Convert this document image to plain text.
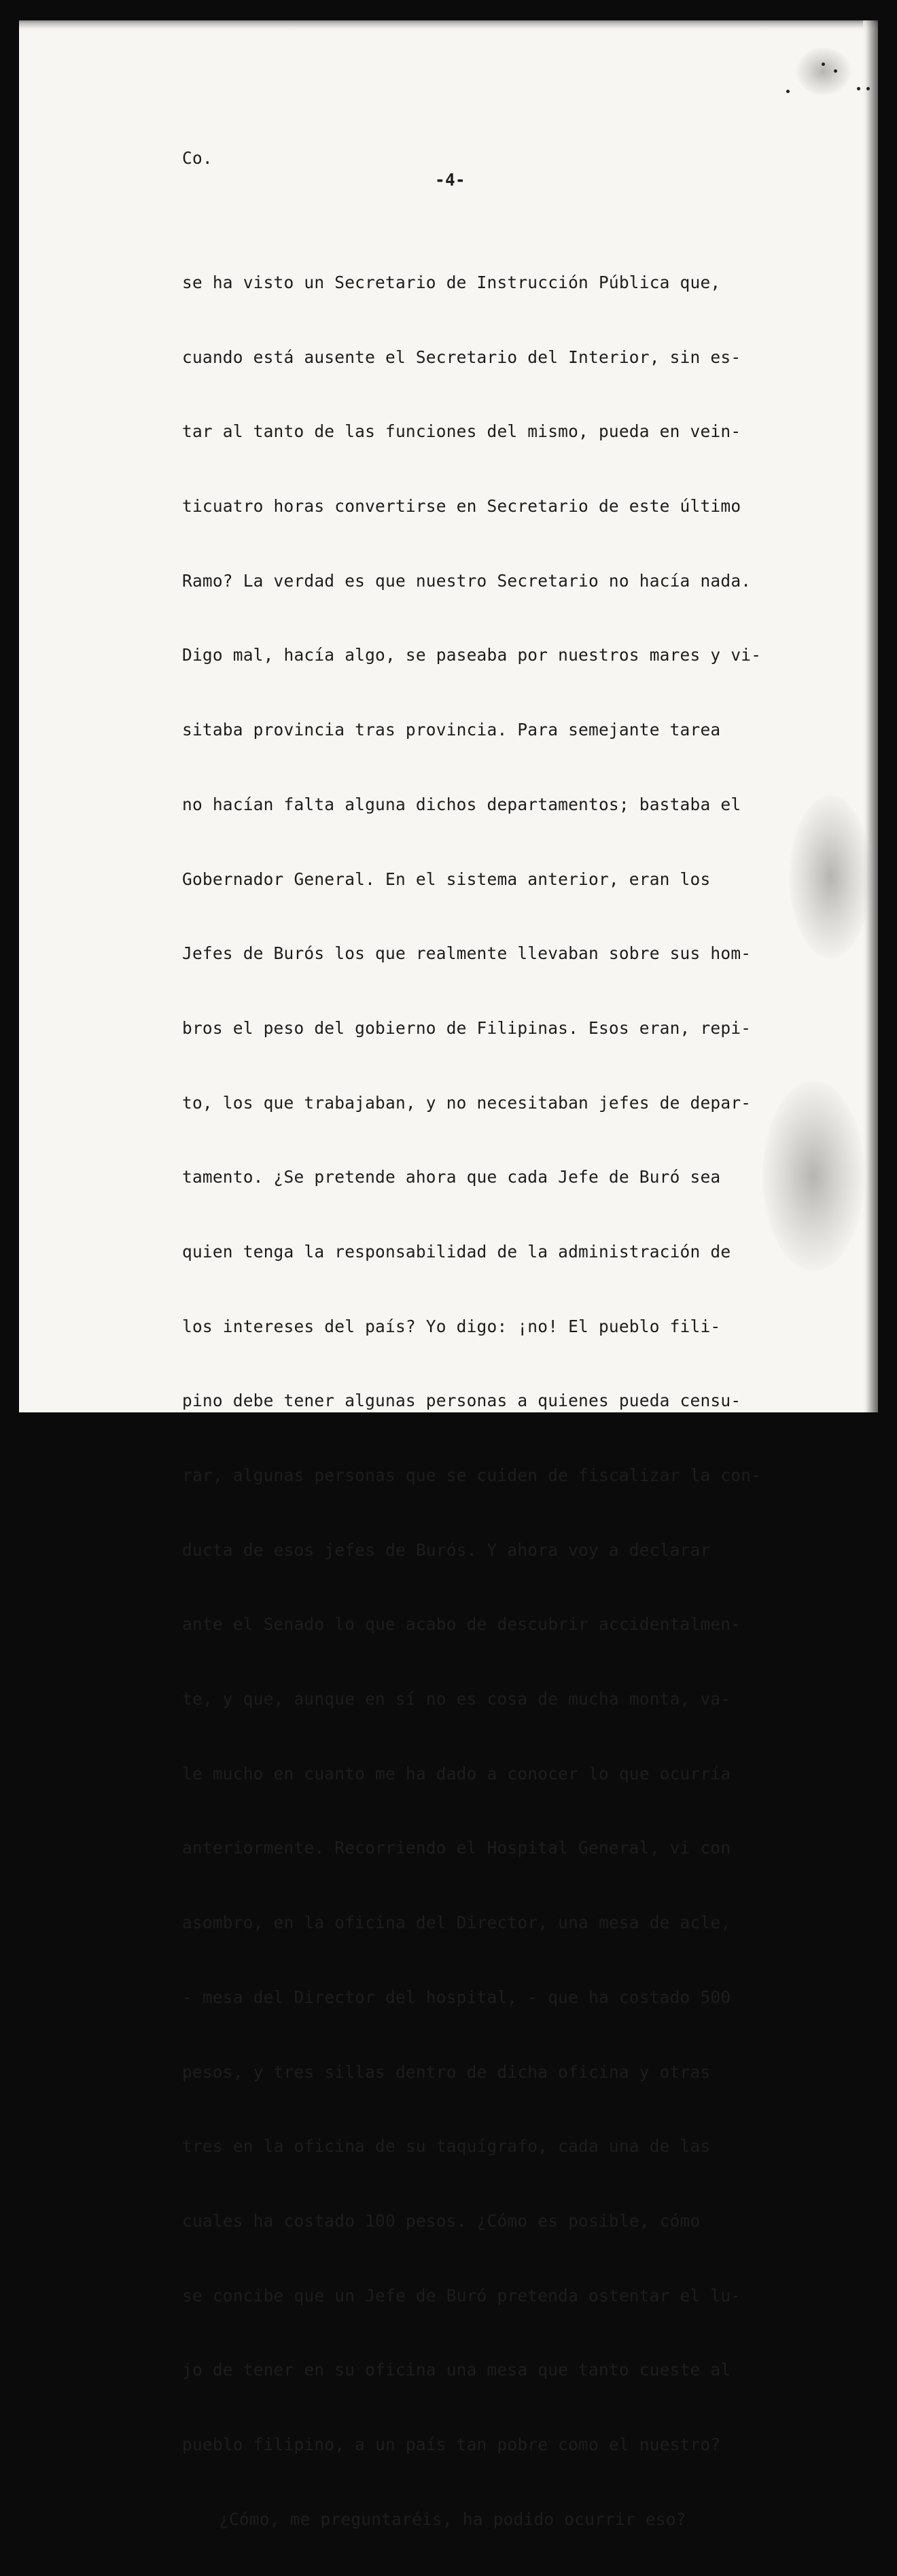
Co.
-4-

se ha visto un Secretario de Instrucción Pública que,

cuando está ausente el Secretario del Interior, sin es-

tar al tanto de las funciones del mismo, pueda en vein-

ticuatro horas convertirse en Secretario de este último

Ramo? La verdad es que nuestro Secretario no hacía nada.

Digo mal, hacía algo, se paseaba por nuestros mares y vi-

sitaba provincia tras provincia. Para semejante tarea

no hacían falta alguna dichos departamentos; bastaba el

Gobernador General. En el sistema anterior, eran los

Jefes de Burós los que realmente llevaban sobre sus hom-

bros el peso del gobierno de Filipinas. Esos eran, repi-

to, los que trabajaban, y no necesitaban jefes de depar-

tamento. ¿Se pretende ahora que cada Jefe de Buró sea

quien tenga la responsabilidad de la administración de

los intereses del país? Yo digo: ¡no! El pueblo fili-

pino debe tener algunas personas a quienes pueda censu-

rar, algunas personas que se cuiden de fiscalizar la con-

ducta de esos jefes de Burós. Y ahora voy a declarar

ante el Senado lo que acabo de descubrir accidentalmen-

te, y que, aunque en sí no es cosa de mucha monta, va-

le mucho en cuanto me ha dado a conocer lo que ocurría

anteriormente. Recorriendo el Hospital General, vi con

asombro, en la oficina del Director, una mesa de acle,

- mesa del Director del hospital, - que ha costado 500

pesos, y tres sillas dentro de dicha oficina y otras

tres en la oficina de su taquígrafo, cada una de las

cuales ha costado 100 pesos. ¿Cómo es posible, cómo

se concibe que un Jefe de Buró pretenda ostentar el lu-

jo de tener en su oficina una mesa que tanto cueste al

pueblo filipino, a un país tan pobre como el nuestro?

¿Cómo, me preguntaréis, ha podido ocurrir eso?
